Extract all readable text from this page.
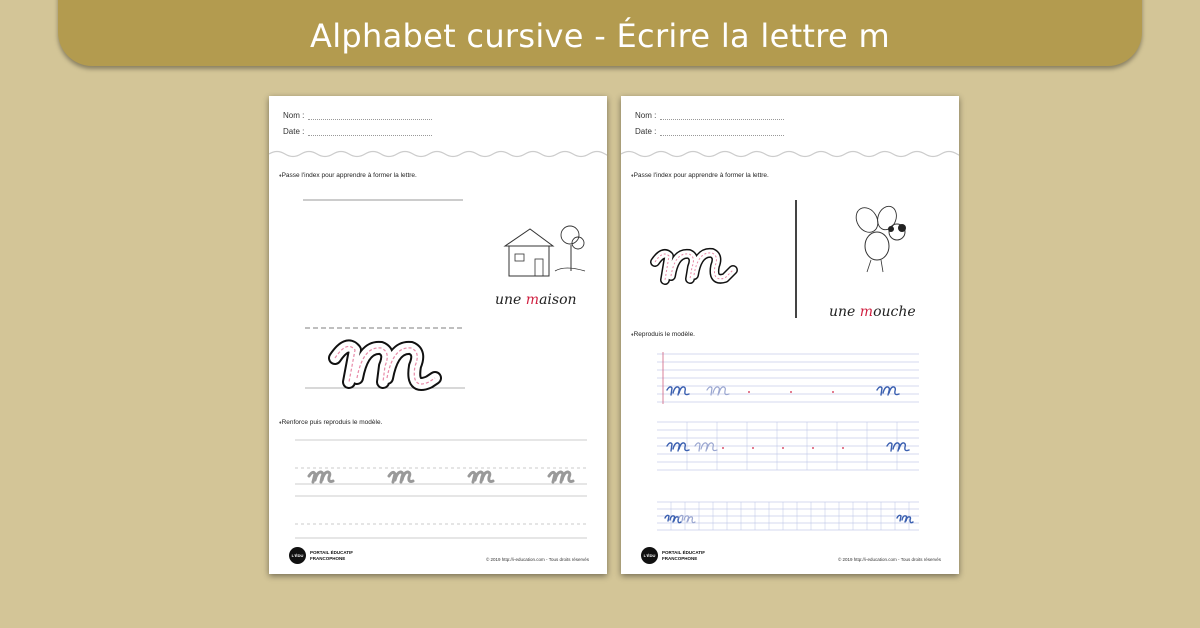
Alphabet cursive - Écrire la lettre m
Nom :
Date :
♦ Passe l'index pour apprendre à former la lettre.
une maison
♦ Renforce puis reproduis le modèle.
L'ÉDU
PORTAIL ÉDUCATIF
FRANCOPHONE	© 2019 http://i-education.com - Tous droits réservés
Nom :
Date :
♦ Passe l'index pour apprendre à former la lettre.
une mouche
♦ Reproduis le modèle.
L'ÉDU
PORTAIL ÉDUCATIF
FRANCOPHONE	© 2019 http://i-education.com - Tous droits réservés
